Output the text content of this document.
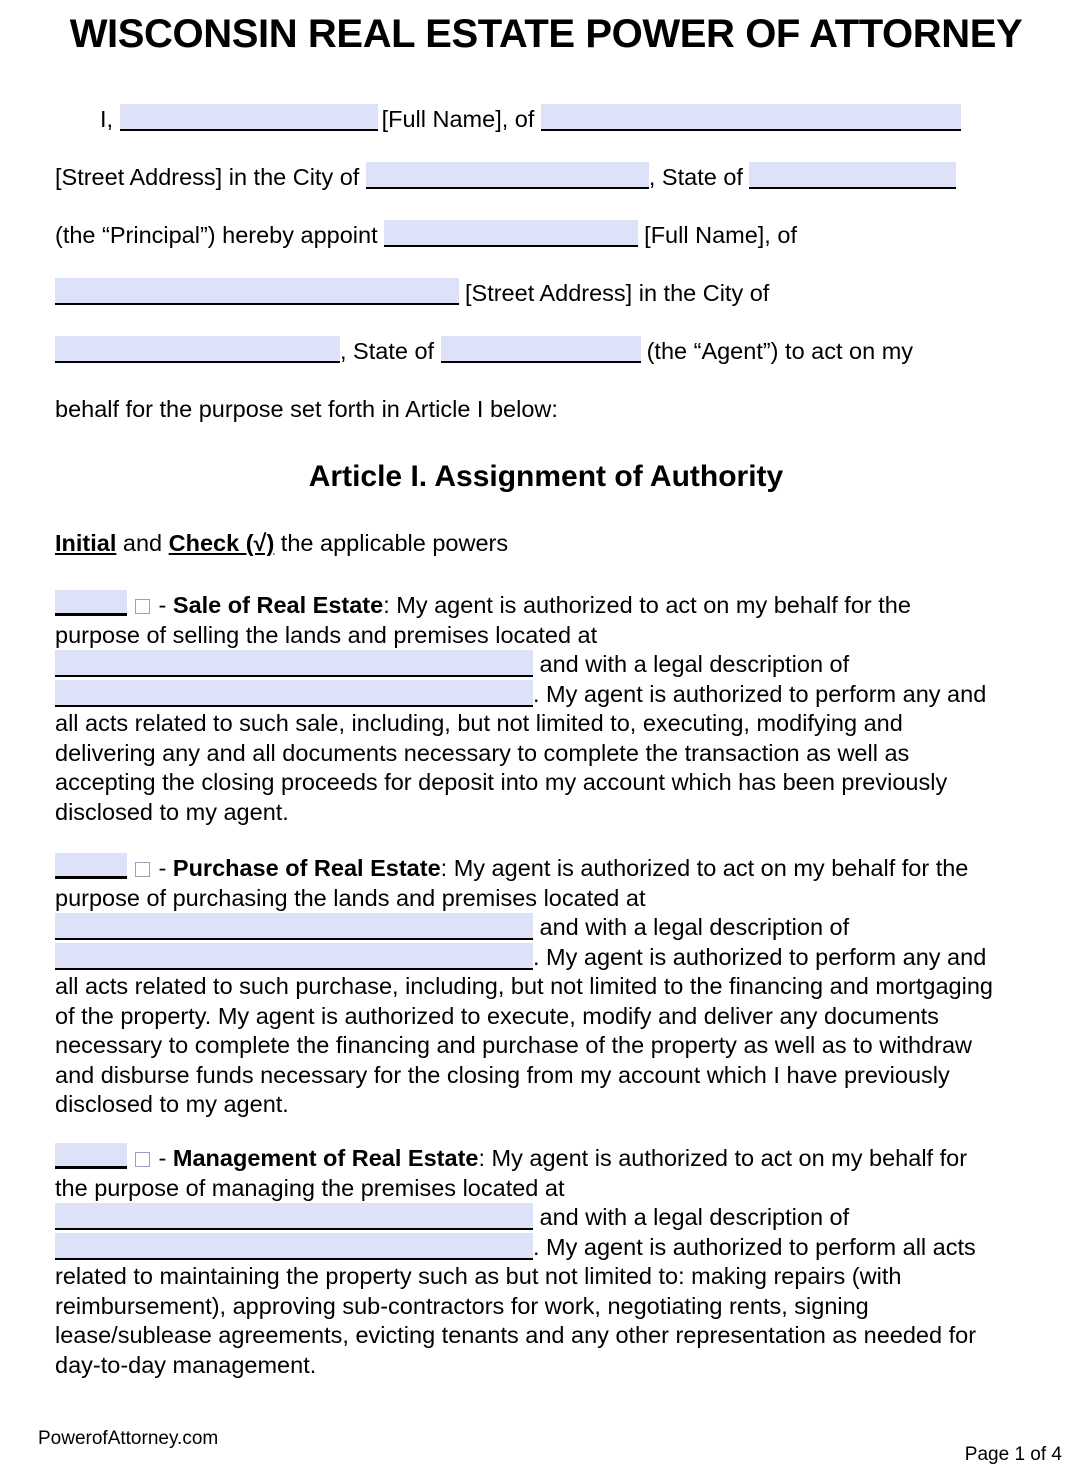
WISCONSIN REAL ESTATE POWER OF ATTORNEY
I,	[Full Name], of
[Street Address] in the City of	, State of
(the “Principal”) hereby appoint	[Full Name], of
[Street Address] in the City of
, State of	(the “Agent”) to act on my
behalf for the purpose set forth in Article I below:
Article I. Assignment of Authority
Initial and Check (√) the applicable powers
- Sale of Real Estate: My agent is authorized to act on my behalf for the purpose of selling the lands and premises located at
and with a legal description of
. My agent is authorized to perform any and all acts related to such sale, including, but not limited to, executing, modifying and delivering any and all documents necessary to complete the transaction as well as accepting the closing proceeds for deposit into my account which has been previously disclosed to my agent.
- Purchase of Real Estate: My agent is authorized to act on my behalf for the purpose of purchasing the lands and premises located at
and with a legal description of
. My agent is authorized to perform any and all acts related to such purchase, including, but not limited to the financing and mortgaging of the property. My agent is authorized to execute, modify and deliver any documents necessary to complete the financing and purchase of the property as well as to withdraw and disburse funds necessary for the closing from my account which I have previously disclosed to my agent.
- Management of Real Estate: My agent is authorized to act on my behalf for the purpose of managing the premises located at
and with a legal description of
. My agent is authorized to perform all acts related to maintaining the property such as but not limited to: making repairs (with reimbursement), approving sub-contractors for work, negotiating rents, signing lease/sublease agreements, evicting tenants and any other representation as needed for day-to-day management.
PowerofAttorney.com
Page 1 of 4
